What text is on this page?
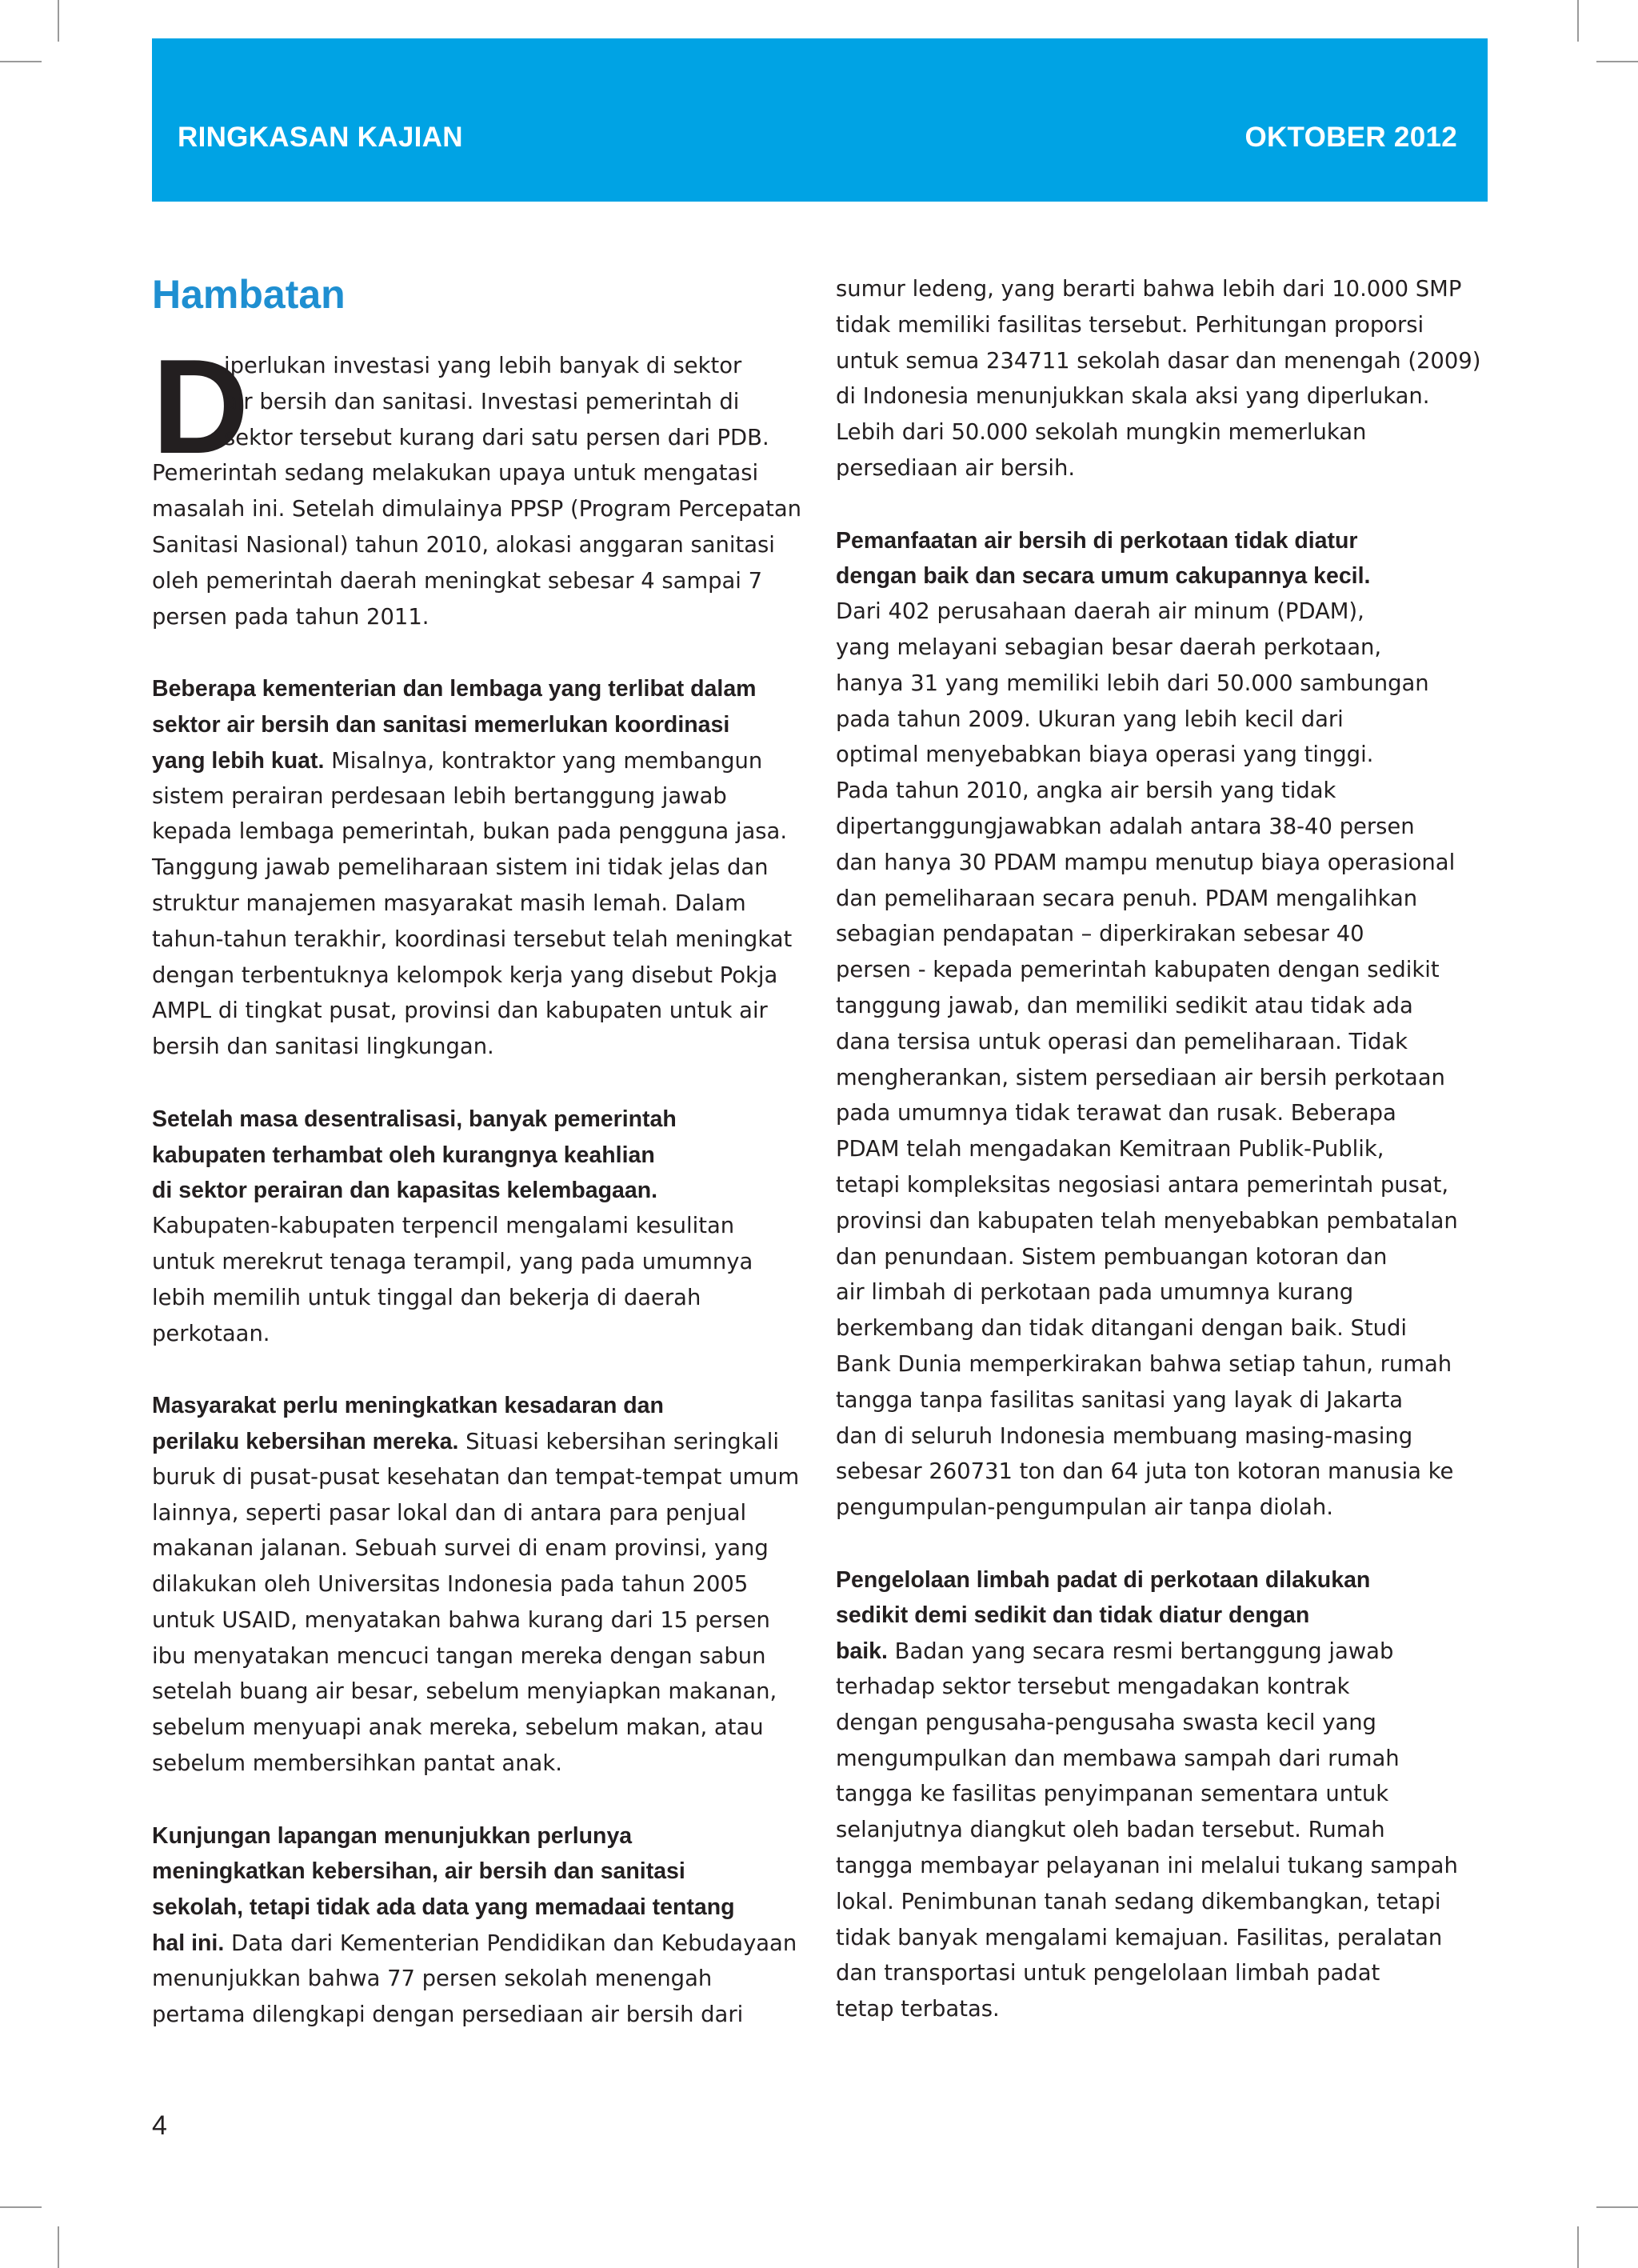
RINGKASAN KAJIAN	OKTOBER 2012
Hambatan
D
iperlukan investasi yang lebih banyak di sektor
air bersih dan sanitasi. Investasi pemerintah di
sektor tersebut kurang dari satu persen dari PDB.
Pemerintah sedang melakukan upaya untuk mengatasi
masalah ini. Setelah dimulainya PPSP (Program Percepatan
Sanitasi Nasional) tahun 2010, alokasi anggaran sanitasi
oleh pemerintah daerah meningkat sebesar 4 sampai 7
persen pada tahun 2011.
Beberapa kementerian dan lembaga yang terlibat dalam
sektor air bersih dan sanitasi memerlukan koordinasi
yang lebih kuat. Misalnya, kontraktor yang membangun
sistem perairan perdesaan lebih bertanggung jawab
kepada lembaga pemerintah, bukan pada pengguna jasa.
Tanggung jawab pemeliharaan sistem ini tidak jelas dan
struktur manajemen masyarakat masih lemah. Dalam
tahun-tahun terakhir, koordinasi tersebut telah meningkat
dengan terbentuknya kelompok kerja yang disebut Pokja
AMPL di tingkat pusat, provinsi dan kabupaten untuk air
bersih dan sanitasi lingkungan.
Setelah masa desentralisasi, banyak pemerintah
kabupaten terhambat oleh kurangnya keahlian
di sektor perairan dan kapasitas kelembagaan.
Kabupaten-kabupaten terpencil mengalami kesulitan
untuk merekrut tenaga terampil, yang pada umumnya
lebih memilih untuk tinggal dan bekerja di daerah
perkotaan.
Masyarakat perlu meningkatkan kesadaran dan
perilaku kebersihan mereka. Situasi kebersihan seringkali
buruk di pusat-pusat kesehatan dan tempat-tempat umum
lainnya, seperti pasar lokal dan di antara para penjual
makanan jalanan. Sebuah survei di enam provinsi, yang
dilakukan oleh Universitas Indonesia pada tahun 2005
untuk USAID, menyatakan bahwa kurang dari 15 persen
ibu menyatakan mencuci tangan mereka dengan sabun
setelah buang air besar, sebelum menyiapkan makanan,
sebelum menyuapi anak mereka, sebelum makan, atau
sebelum membersihkan pantat anak.
Kunjungan lapangan menunjukkan perlunya
meningkatkan kebersihan, air bersih dan sanitasi
sekolah, tetapi tidak ada data yang memadaai tentang
hal ini. Data dari Kementerian Pendidikan dan Kebudayaan
menunjukkan bahwa 77 persen sekolah menengah
pertama dilengkapi dengan persediaan air bersih dari
sumur ledeng, yang berarti bahwa lebih dari 10.000 SMP
tidak memiliki fasilitas tersebut. Perhitungan proporsi
untuk semua 234711 sekolah dasar dan menengah (2009)
di Indonesia menunjukkan skala aksi yang diperlukan.
Lebih dari 50.000 sekolah mungkin memerlukan
persediaan air bersih.
Pemanfaatan air bersih di perkotaan tidak diatur
dengan baik dan secara umum cakupannya kecil.
Dari 402 perusahaan daerah air minum (PDAM),
yang melayani sebagian besar daerah perkotaan,
hanya 31 yang memiliki lebih dari 50.000 sambungan
pada tahun 2009. Ukuran yang lebih kecil dari
optimal menyebabkan biaya operasi yang tinggi.
Pada tahun 2010, angka air bersih yang tidak
dipertanggungjawabkan adalah antara 38-40 persen
dan hanya 30 PDAM mampu menutup biaya operasional
dan pemeliharaan secara penuh. PDAM mengalihkan
sebagian pendapatan – diperkirakan sebesar 40
persen - kepada pemerintah kabupaten dengan sedikit
tanggung jawab, dan memiliki sedikit atau tidak ada
dana tersisa untuk operasi dan pemeliharaan. Tidak
mengherankan, sistem persediaan air bersih perkotaan
pada umumnya tidak terawat dan rusak. Beberapa
PDAM telah mengadakan Kemitraan Publik-Publik,
tetapi kompleksitas negosiasi antara pemerintah pusat,
provinsi dan kabupaten telah menyebabkan pembatalan
dan penundaan. Sistem pembuangan kotoran dan
air limbah di perkotaan pada umumnya kurang
berkembang dan tidak ditangani dengan baik. Studi
Bank Dunia memperkirakan bahwa setiap tahun, rumah
tangga tanpa fasilitas sanitasi yang layak di Jakarta
dan di seluruh Indonesia membuang masing-masing
sebesar 260731 ton dan 64 juta ton kotoran manusia ke
pengumpulan-pengumpulan air tanpa diolah.
Pengelolaan limbah padat di perkotaan dilakukan
sedikit demi sedikit dan tidak diatur dengan
baik. Badan yang secara resmi bertanggung jawab
terhadap sektor tersebut mengadakan kontrak
dengan pengusaha-pengusaha swasta kecil yang
mengumpulkan dan membawa sampah dari rumah
tangga ke fasilitas penyimpanan sementara untuk
selanjutnya diangkut oleh badan tersebut. Rumah
tangga membayar pelayanan ini melalui tukang sampah
lokal. Penimbunan tanah sedang dikembangkan, tetapi
tidak banyak mengalami kemajuan. Fasilitas, peralatan
dan transportasi untuk pengelolaan limbah padat
tetap terbatas.
4
